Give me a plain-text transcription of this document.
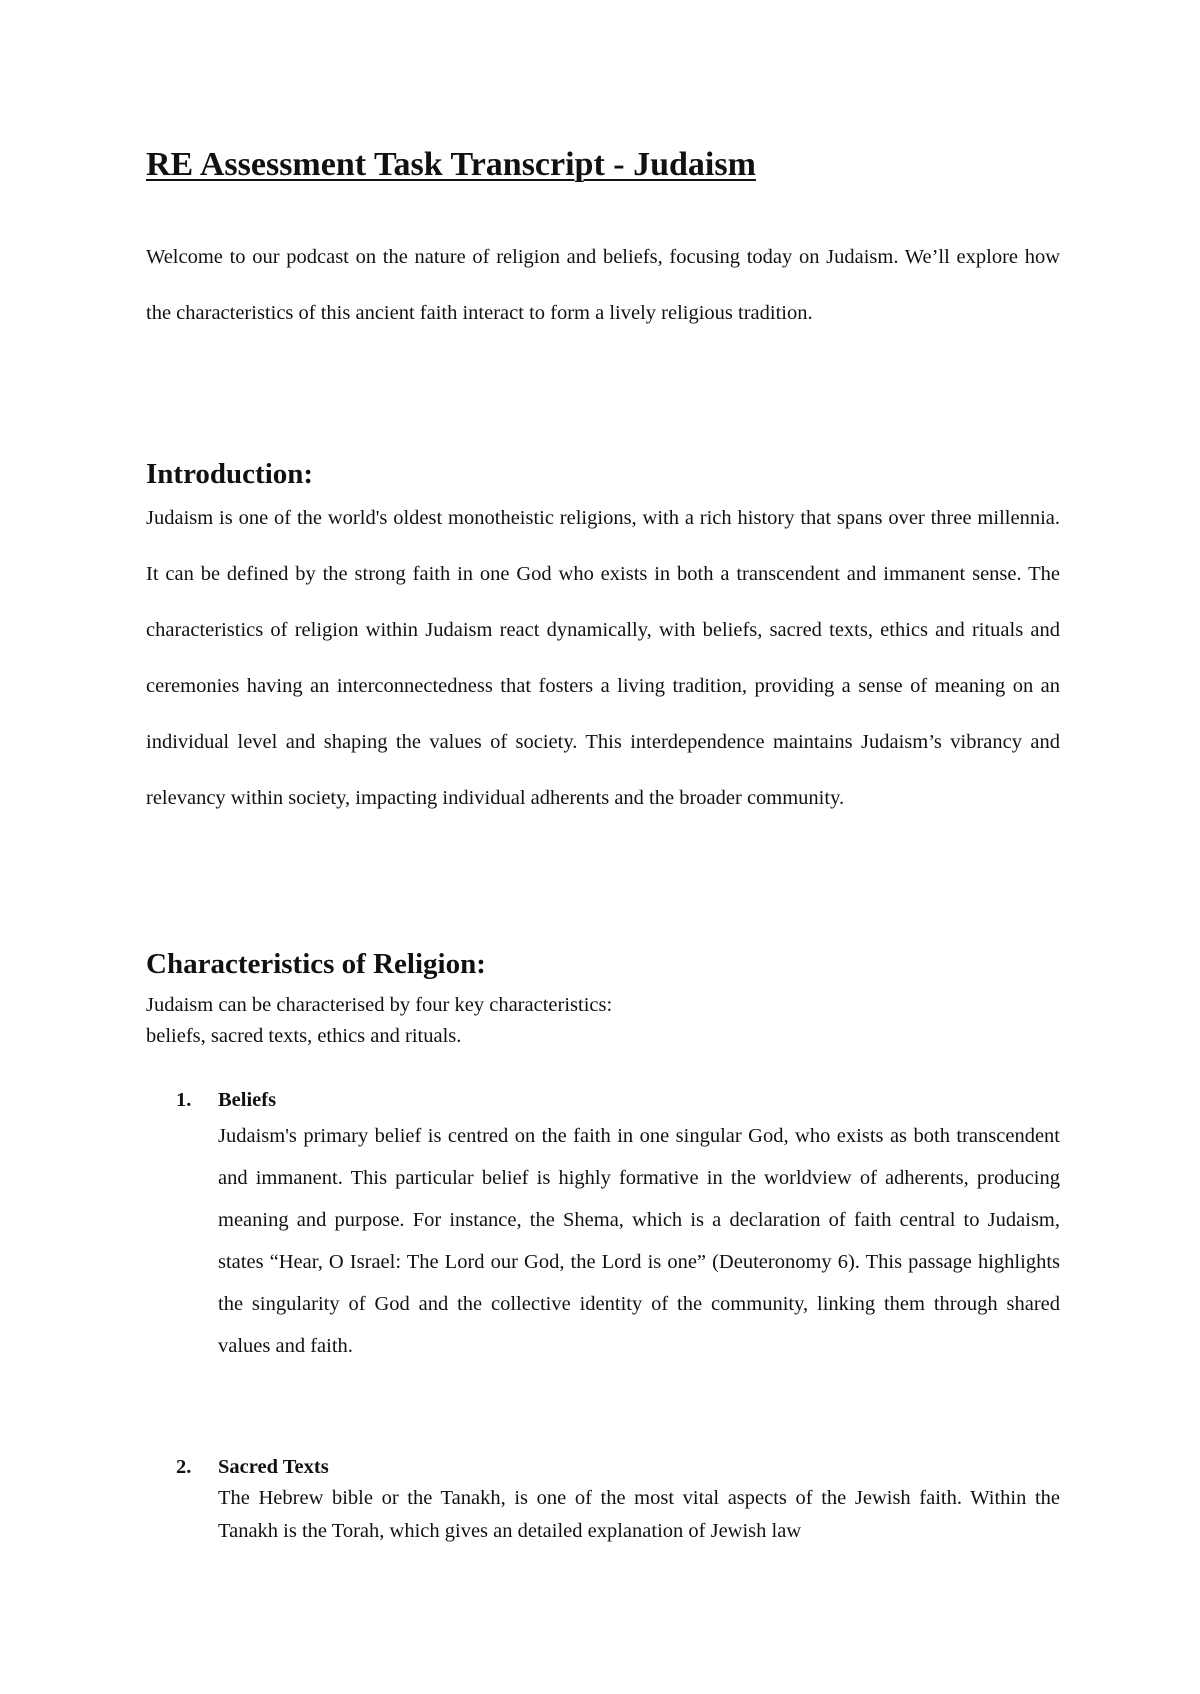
RE Assessment Task Transcript - Judaism

Welcome to our podcast on the nature of religion and beliefs, focusing today on Judaism. We’ll explore how the characteristics of this ancient faith interact to form a lively religious tradition.

Introduction:

Judaism is one of the world's oldest monotheistic religions, with a rich history that spans over three millennia. It can be defined by the strong faith in one God who exists in both a transcendent and immanent sense. The characteristics of religion within Judaism react dynamically, with beliefs, sacred texts, ethics and rituals and ceremonies having an interconnectedness that fosters a living tradition, providing a sense of meaning on an individual level and shaping the values of society. This interdependence maintains Judaism’s vibrancy and relevancy within society, impacting individual adherents and the broader community.

Characteristics of Religion:

Judaism can be characterised by four key characteristics:

beliefs, sacred texts, ethics and rituals.

1. Beliefs

Judaism's primary belief is centred on the faith in one singular God, who exists as both transcendent and immanent. This particular belief is highly formative in the worldview of adherents, producing meaning and purpose. For instance, the Shema, which is a declaration of faith central to Judaism, states “Hear, O Israel: The Lord our God, the Lord is one” (Deuteronomy 6). This passage highlights the singularity of God and the collective identity of the community, linking them through shared values and faith.

2. Sacred Texts

The Hebrew bible or the Tanakh, is one of the most vital aspects of the Jewish faith. Within the Tanakh is the Torah, which gives an detailed explanation of Jewish law
